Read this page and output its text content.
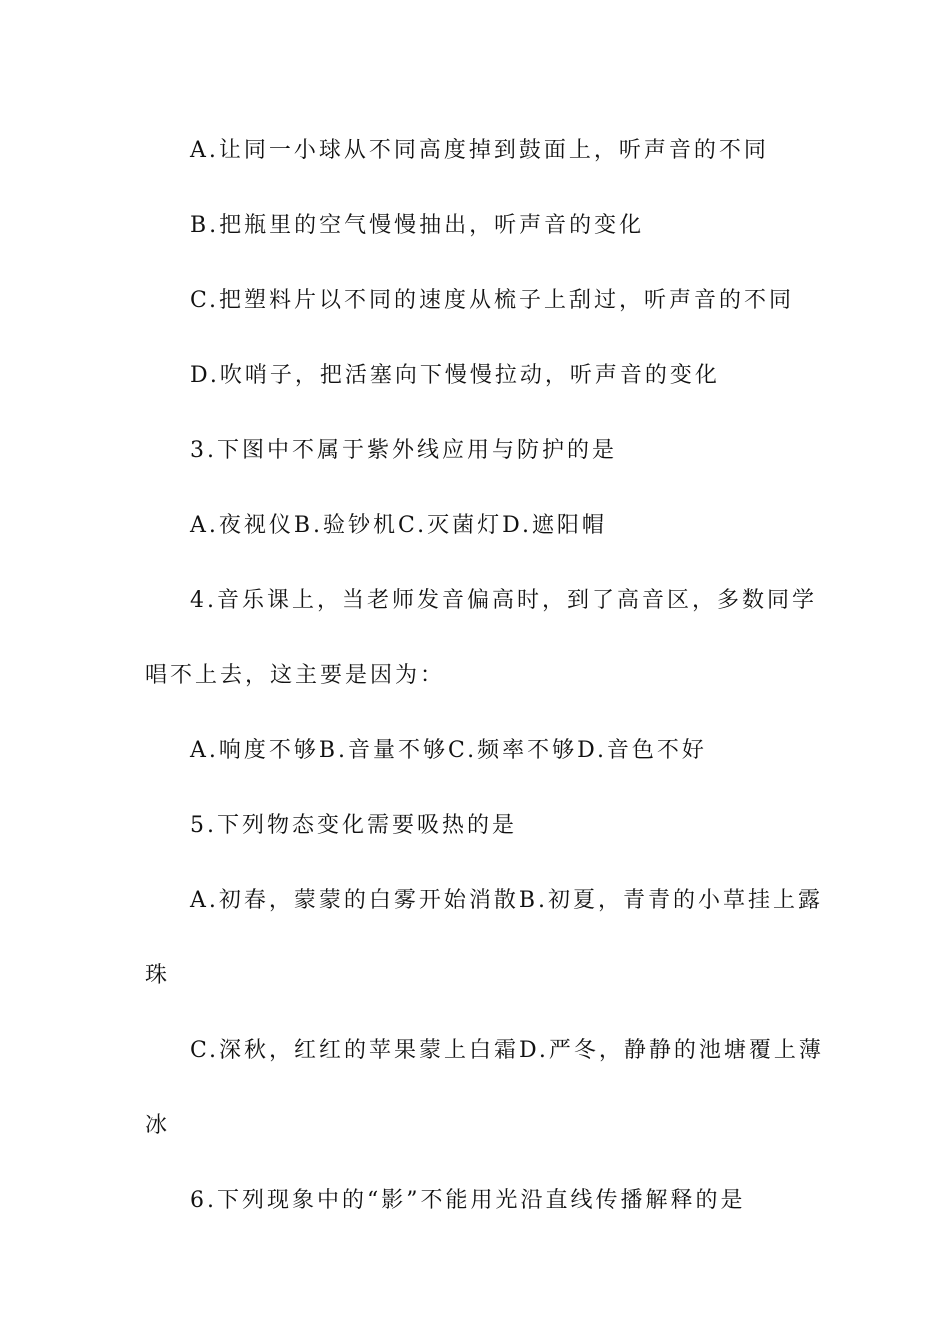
A.让同一小球从不同高度掉到鼓面上，听声音的不同
B.把瓶里的空气慢慢抽出，听声音的变化
C.把塑料片以不同的速度从梳子上刮过，听声音的不同
D.吹哨子，把活塞向下慢慢拉动，听声音的变化
3.下图中不属于紫外线应用与防护的是
A.夜视仪B.验钞机C.灭菌灯D.遮阳帽
4.音乐课上，当老师发音偏高时，到了高音区，多数同学
唱不上去，这主要是因为：
A.响度不够B.音量不够C.频率不够D.音色不好
5.下列物态变化需要吸热的是
A.初春，蒙蒙的白雾开始消散B.初夏，青青的小草挂上露
珠
C.深秋，红红的苹果蒙上白霜D.严冬，静静的池塘覆上薄
冰
6.下列现象中的“影”不能用光沿直线传播解释的是
